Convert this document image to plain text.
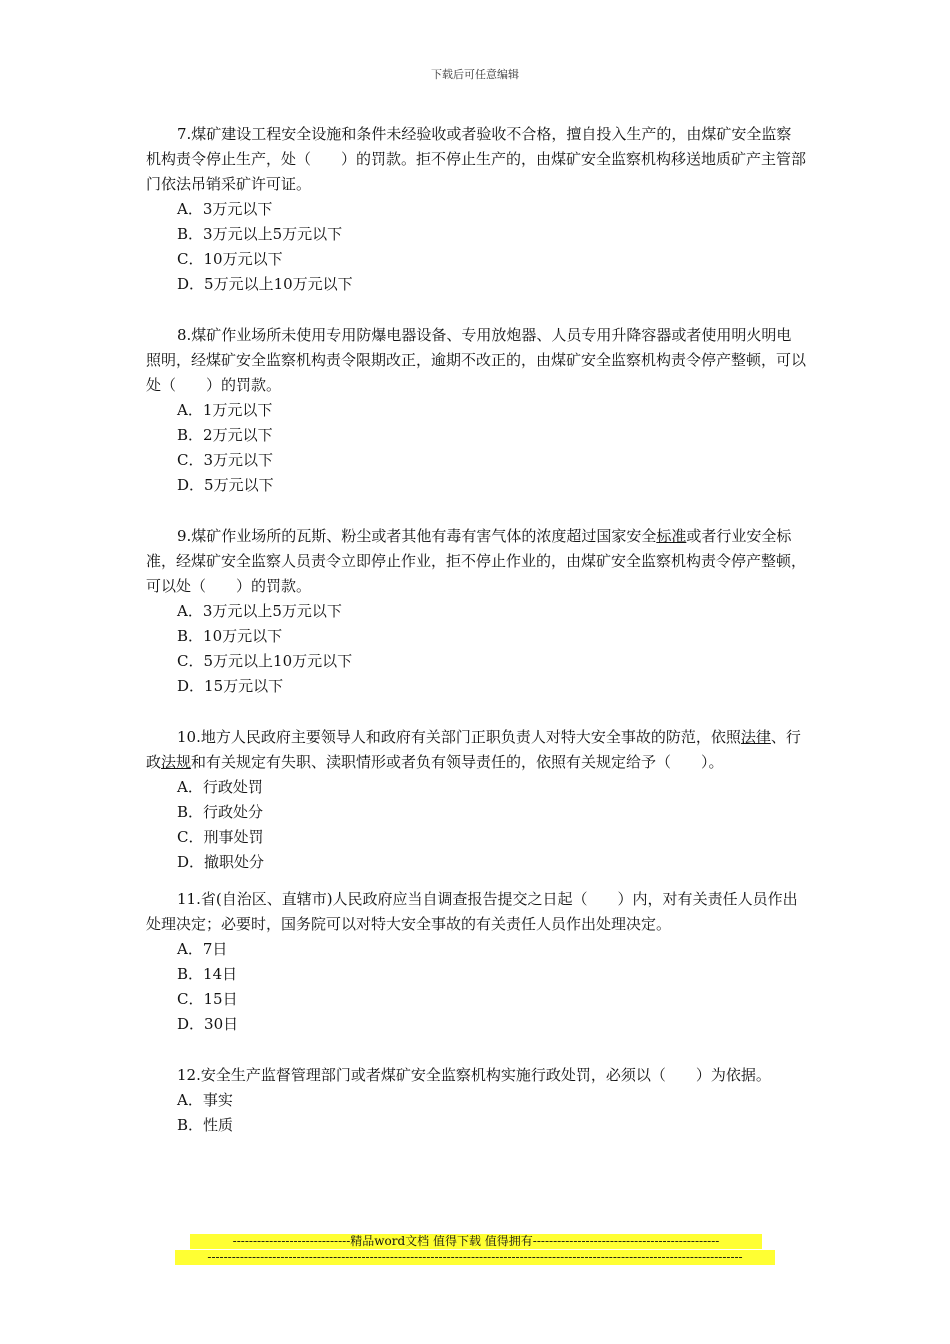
下载后可任意编辑

7.煤矿建设工程安全设施和条件未经验收或者验收不合格，擅自投入生产的，由煤矿安全监察机构责令停止生产，处（　　）的罚款。拒不停止生产的，由煤矿安全监察机构移送地质矿产主管部门依法吊销采矿许可证。

A．3万元以下

B．3万元以上5万元以下

C．10万元以下

D．5万元以上10万元以下

8.煤矿作业场所未使用专用防爆电器设备、专用放炮器、人员专用升降容器或者使用明火明电照明，经煤矿安全监察机构责令限期改正，逾期不改正的，由煤矿安全监察机构责令停产整顿，可以处（　　）的罚款。

A．1万元以下

B．2万元以下

C．3万元以下

D．5万元以下

9.煤矿作业场所的瓦斯、粉尘或者其他有毒有害气体的浓度超过国家安全标准或者行业安全标准，经煤矿安全监察人员责令立即停止作业，拒不停止作业的，由煤矿安全监察机构责令停产整顿，可以处（　　）的罚款。

A．3万元以上5万元以下

B．10万元以下

C．5万元以上10万元以下

D．15万元以下

10.地方人民政府主要领导人和政府有关部门正职负责人对特大安全事故的防范，依照法律、行政法规和有关规定有失职、渎职情形或者负有领导责任的，依照有关规定给予（　　）。

A．行政处罚

B．行政处分

C．刑事处罚

D．撤职处分

11.省(自治区、直辖市)人民政府应当自调查报告提交之日起（　　）内，对有关责任人员作出处理决定；必要时，国务院可以对特大安全事故的有关责任人员作出处理决定。

A．7日

B．14日

C．15日

D．30日

12.安全生产监督管理部门或者煤矿安全监察机构实施行政处罚，必须以（　　）为依据。

A．事实

B．性质

-----------------------------精品word文档 值得下载 值得拥有----------------------------------------------
------------------------------------------------------------------------------------------------------------------------------------
